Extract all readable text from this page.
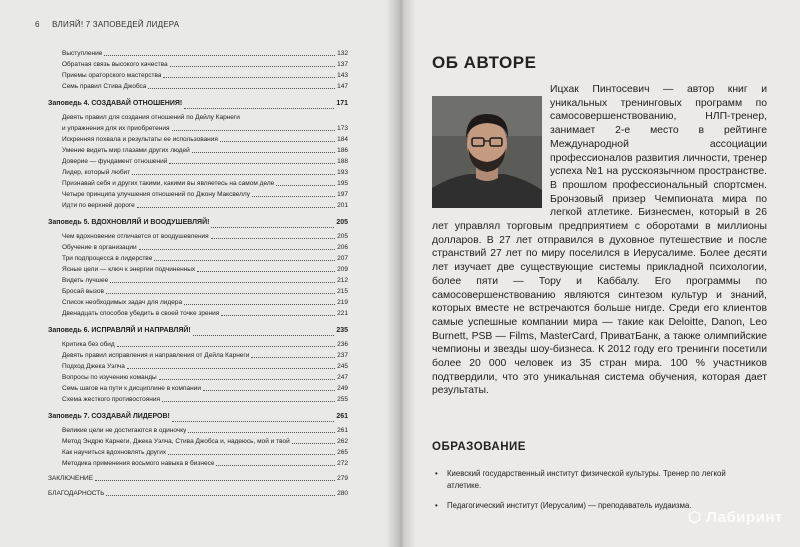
6 ВЛИЯЙ! 7 ЗАПОВЕДЕЙ ЛИДЕРА
Выступление	132
Обратная связь высокого качества	137
Приемы ораторского мастерства	143
Семь правил Стива Джобса	147
Заповедь 4. СОЗДАВАЙ ОТНОШЕНИЯ!	171
Девять правил для создания отношений по Дейлу Карнеги
и упражнения для их приобретения	173
Искренняя похвала и результаты ее использования	184
Умение видеть мир глазами других людей	186
Доверие — фундамент отношений	188
Лидер, который любит	193
Признавай себя и других такими, какими вы являетесь на самом деле	195
Четыре принципа улучшения отношений по Джону Максвеллу	197
Идти по верхней дороге	201
Заповедь 5. ВДОХНОВЛЯЙ И ВООДУШЕВЛЯЙ!	205
Чем вдохновение отличается от воодушевления	205
Обучение в организации	206
Три подпроцесса в лидерстве	207
Ясные цели — ключ к энергии подчиненных	209
Видеть лучшее	212
Бросай вызов	215
Список необходимых задач для лидера	219
Двенадцать способов убедить в своей точке зрения	221
Заповедь 6. ИСПРАВЛЯЙ И НАПРАВЛЯЙ!	235
Критика без обид	236
Девять правил исправления и направления от Дейла Карнеги	237
Подход Джека Уэлча	245
Вопросы по изучению команды	247
Семь шагов на пути к дисциплине в компании	249
Схема жесткого противостояния	255
Заповедь 7. СОЗДАВАЙ ЛИДЕРОВ!	261
Великие цели не достигаются в одиночку	261
Метод Эндрю Карнеги, Джека Уэлча, Стива Джобса и, надеюсь, мой и твой	262
Как научиться вдохновлять других	265
Методика применения восьмого навыка в бизнесе	272
ЗАКЛЮЧЕНИЕ	279
БЛАГОДАРНОСТЬ	280
ОБ АВТОРЕ
Ицхак Пинтосевич — автор книг и уникальных тренинговых программ по самосовершенствованию, НЛП-тренер, занимает 2-е место в рейтинге Международной ассоциации профессионалов развития личности, тренер успеха №1 на русскоязычном пространстве. В прошлом профессиональный спортсмен. Бронзовый призер Чемпионата мира по легкой атлетике. Бизнесмен, который в 26 лет управлял торговым предприятием с оборотами в миллионы долларов. В 27 лет отправился в духовное путешествие и после странствий 27 лет по миру поселился в Иерусалиме. Более десяти лет изучает две существующие системы прикладной психологии, более пяти — Тору и Каббалу. Его программы по самосовершенствованию являются синтезом культур и знаний, которых вместе не встречаются больше нигде. Среди его клиентов самые успешные компании мира — такие как Deloitte, Danon, Leo Burnett, PSB — Films, MasterCard, ПриватБанк, а также олимпийские чемпионы и звезды шоу-бизнеса. К 2012 году его тренинги посетили более 20 000 человек из 35 стран мира. 100 % участников подтвердили, что это уникальная система обучения, которая дает результаты.
ОБРАЗОВАНИЕ
•	Киевский государственный институт физической культуры. Тренер по легкой атлетике.
•	Педагогический институт (Иерусалим) — преподаватель иудаизма.
⬡ Лабиринт
